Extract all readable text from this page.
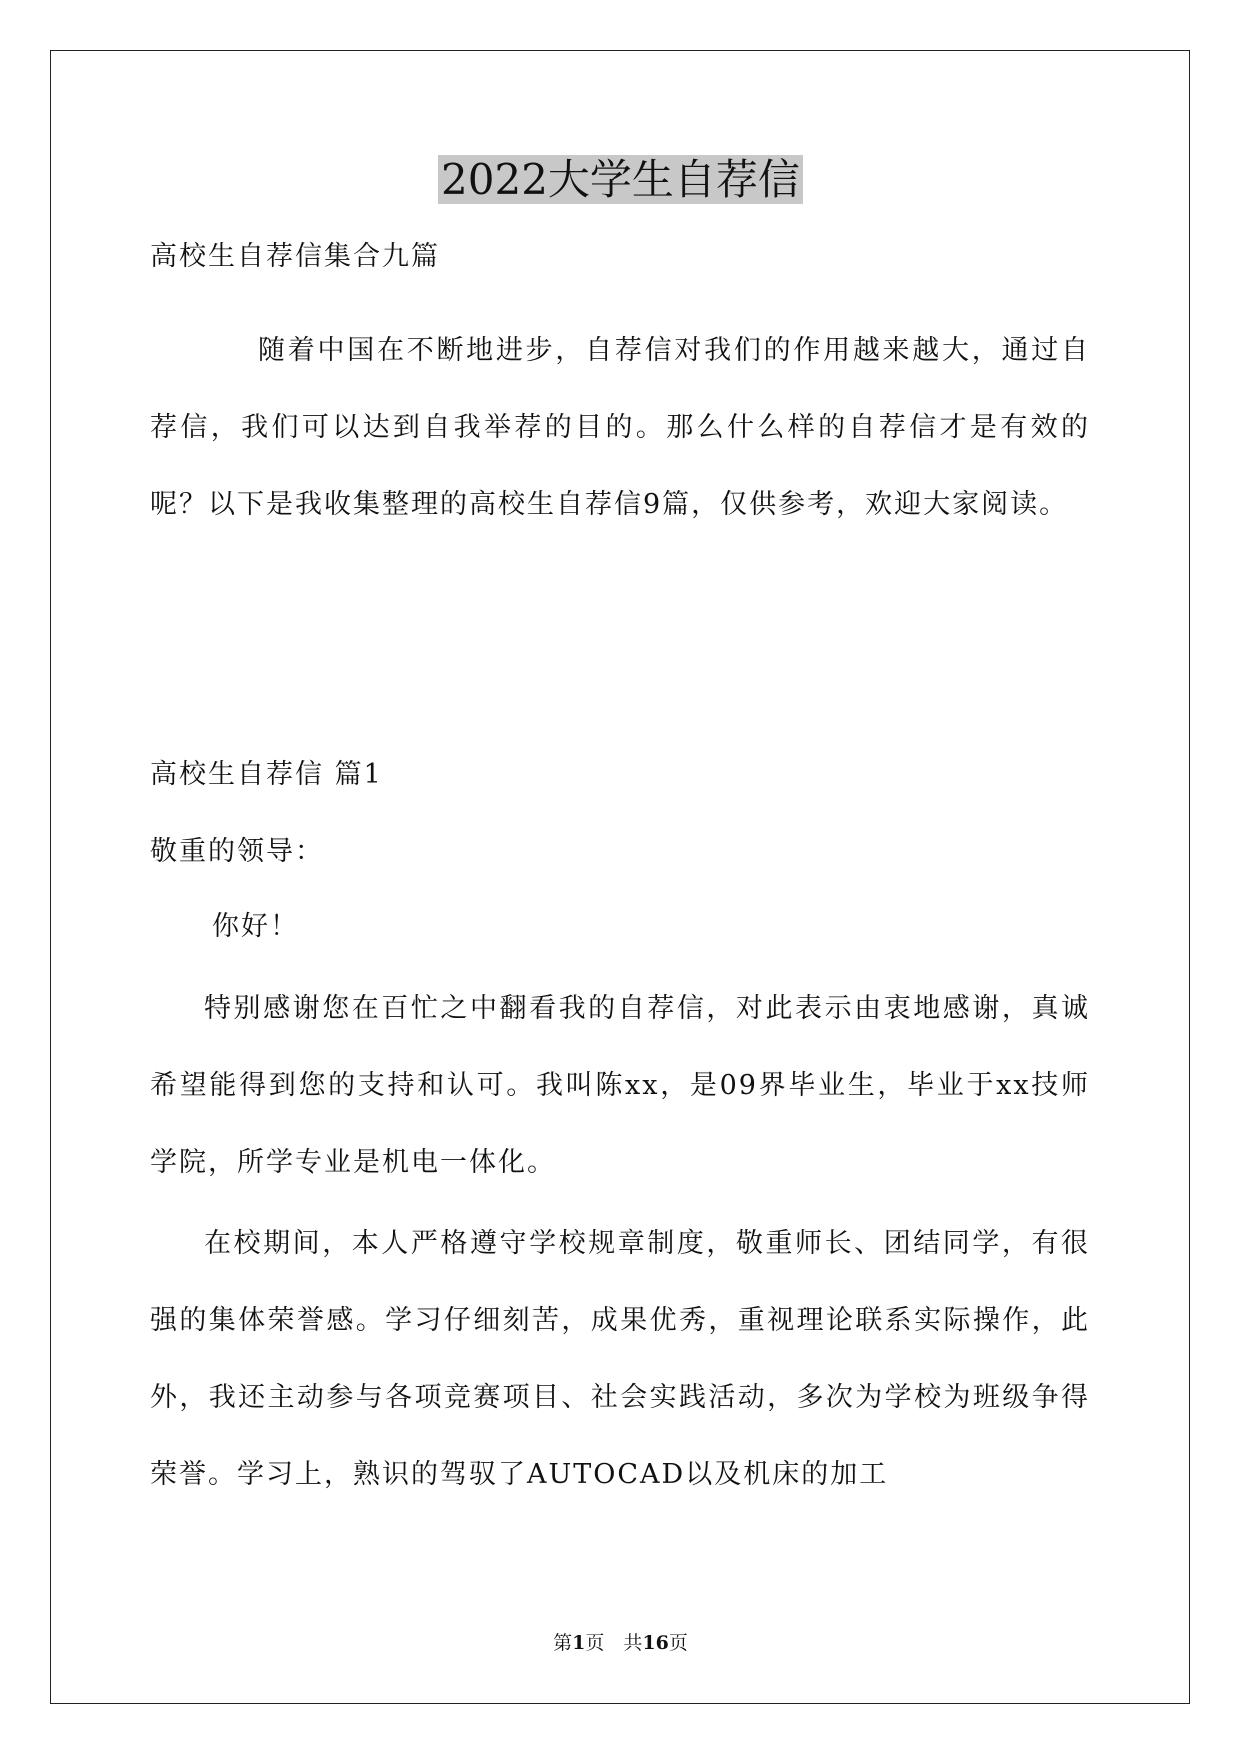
2022大学生自荐信

高校生自荐信集合九篇

随着中国在不断地进步，自荐信对我们的作用越来越大，通过自荐信，我们可以达到自我举荐的目的。那么什么样的自荐信才是有效的呢？以下是我收集整理的高校生自荐信9篇，仅供参考，欢迎大家阅读。

高校生自荐信 篇1

敬重的领导：

你好！

特别感谢您在百忙之中翻看我的自荐信，对此表示由衷地感谢，真诚希望能得到您的支持和认可。我叫陈xx，是09界毕业生，毕业于xx技师学院，所学专业是机电一体化。

在校期间，本人严格遵守学校规章制度，敬重师长、团结同学，有很强的集体荣誉感。学习仔细刻苦，成果优秀，重视理论联系实际操作，此外，我还主动参与各项竞赛项目、社会实践活动，多次为学校为班级争得荣誉。学习上，熟识的驾驭了AUTOCAD以及机床的加工

第1页　共16页
